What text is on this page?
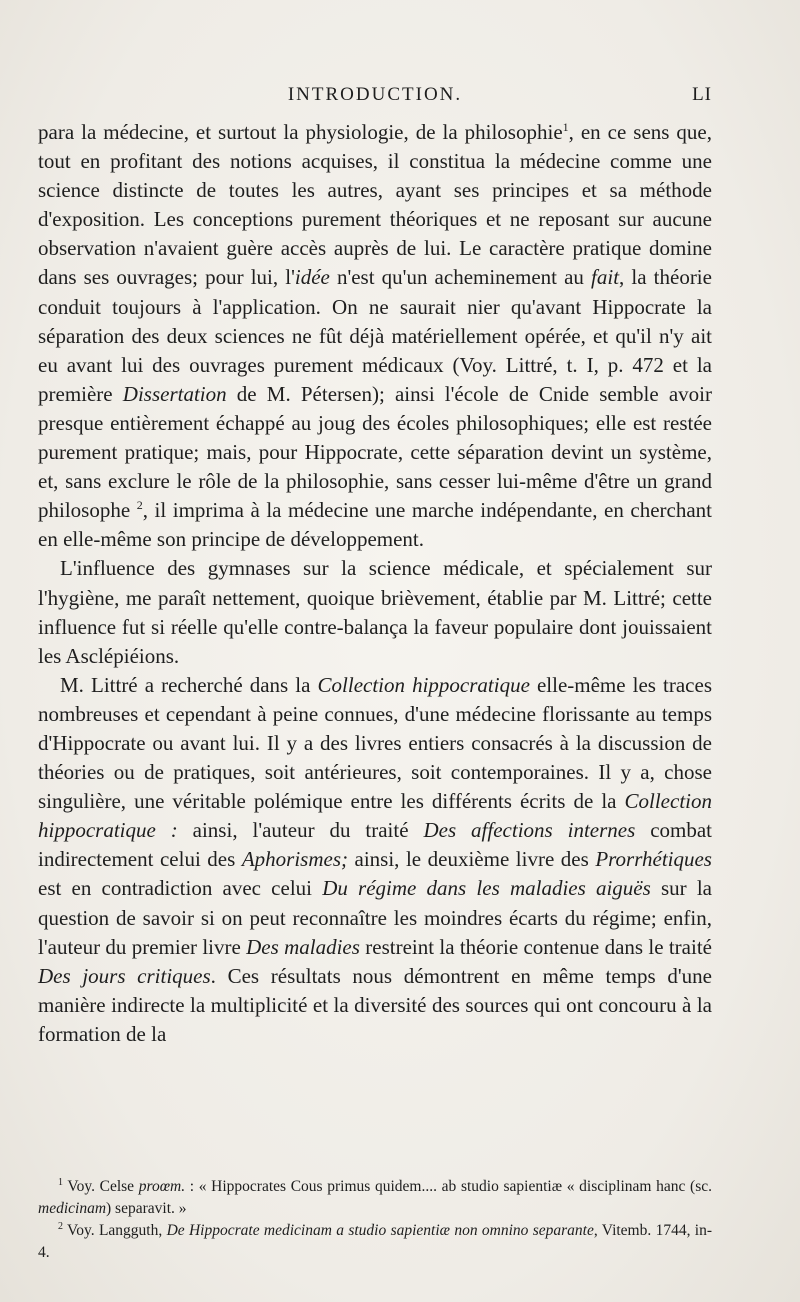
INTRODUCTION.	LI

para la médecine, et surtout la physiologie, de la philosophie$^1$, en ce sens que, tout en profitant des notions acquises, il constitua la médecine comme une science distincte de toutes les autres, ayant ses principes et sa méthode d'exposition. Les conceptions purement théoriques et ne reposant sur aucune observation n'avaient guère accès auprès de lui. Le caractère pratique domine dans ses ouvrages; pour lui, l'idée n'est qu'un acheminement au fait, la théorie conduit toujours à l'application. On ne saurait nier qu'avant Hippocrate la séparation des deux sciences ne fût déjà matériellement opérée, et qu'il n'y ait eu avant lui des ouvrages purement médicaux (Voy. Littré, t. I, p. 472 et la première Dissertation de M. Pétersen); ainsi l'école de Cnide semble avoir presque entièrement échappé au joug des écoles philosophiques; elle est restée purement pratique; mais, pour Hippocrate, cette séparation devint un système, et, sans exclure le rôle de la philosophie, sans cesser lui-même d'être un grand philosophe $^2$, il imprima à la médecine une marche indépendante, en cherchant en elle-même son principe de développement.

L'influence des gymnases sur la science médicale, et spécialement sur l'hygiène, me paraît nettement, quoique brièvement, établie par M. Littré; cette influence fut si réelle qu'elle contre-balança la faveur populaire dont jouissaient les Asclépiéions.

M. Littré a recherché dans la Collection hippocratique elle-même les traces nombreuses et cependant à peine connues, d'une médecine florissante au temps d'Hippocrate ou avant lui. Il y a des livres entiers consacrés à la discussion de théories ou de pratiques, soit antérieures, soit contemporaines. Il y a, chose singulière, une véritable polémique entre les différents écrits de la Collection hippocratique : ainsi, l'auteur du traité Des affections internes combat indirectement celui des Aphorismes; ainsi, le deuxième livre des Prorrhétiques est en contradiction avec celui Du régime dans les maladies aiguës sur la question de savoir si on peut reconnaître les moindres écarts du régime; enfin, l'auteur du premier livre Des maladies restreint la théorie contenue dans le traité Des jours critiques. Ces résultats nous démontrent en même temps d'une manière indirecte la multiplicité et la diversité des sources qui ont concouru à la formation de la

$^1$ Voy. Celse proœm. : « Hippocrates Cous primus quidem.... ab studio sapientiæ « disciplinam hanc (sc. medicinam) separavit. »

$^2$ Voy. Langguth, De Hippocrate medicinam a studio sapientiæ non omnino separante, Vitemb. 1744, in-4.
